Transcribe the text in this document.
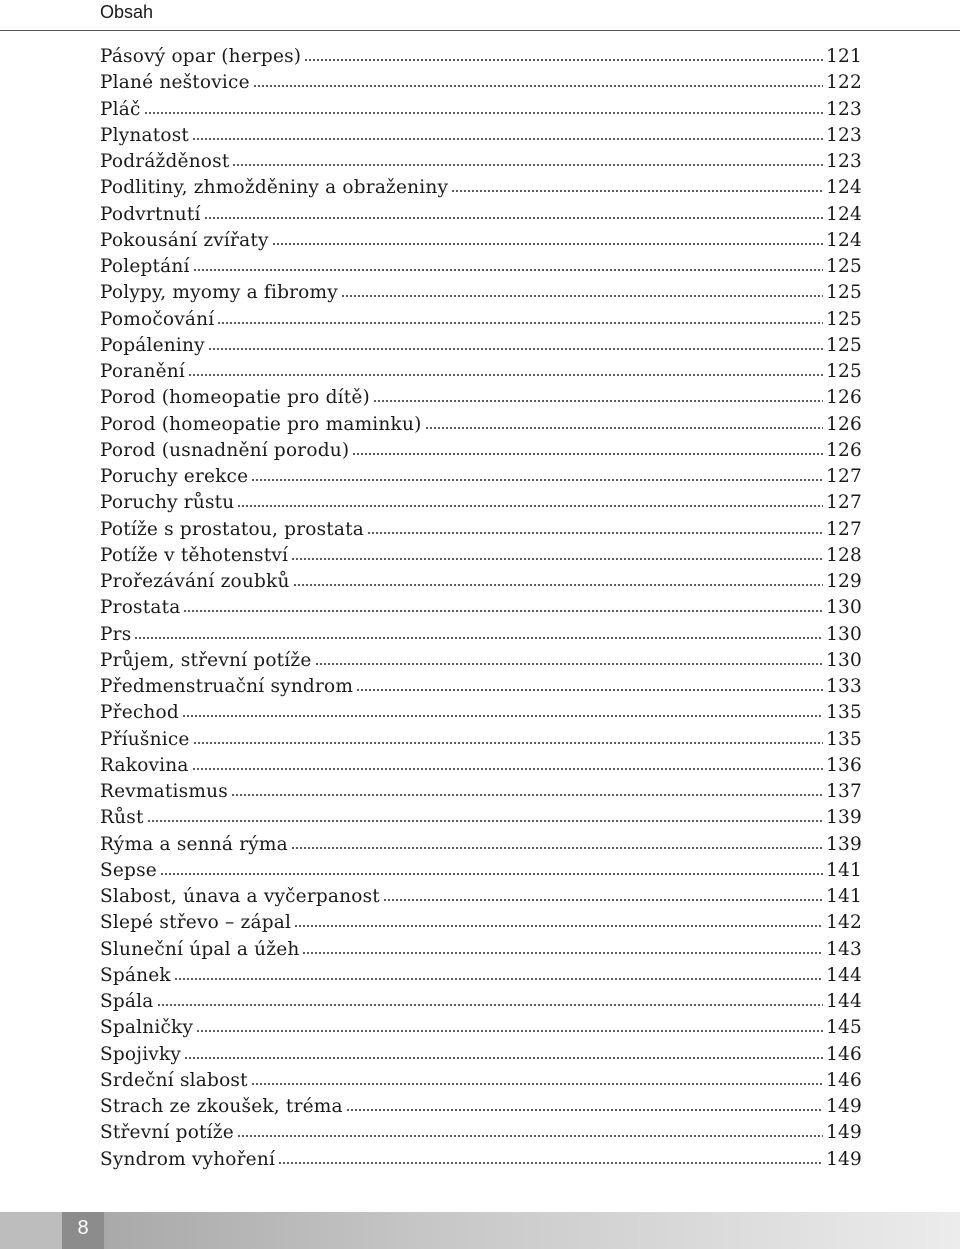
Obsah
Pásový opar (herpes)	121
Plané neštovice	122
Pláč	123
Plynatost	123
Podrážděnost	123
Podlitiny, zhmožděniny a obraženiny	124
Podvrtnutí	124
Pokousání zvířaty	124
Poleptání	125
Polypy, myomy a fibromy	125
Pomočování	125
Popáleniny	125
Poranění	125
Porod (homeopatie pro dítě)	126
Porod (homeopatie pro maminku)	126
Porod (usnadnění porodu)	126
Poruchy erekce	127
Poruchy růstu	127
Potíže s prostatou, prostata	127
Potíže v těhotenství	128
Prořezávání zoubků	129
Prostata	130
Prs	130
Průjem, střevní potíže	130
Předmenstruační syndrom	133
Přechod	135
Příušnice	135
Rakovina	136
Revmatismus	137
Růst	139
Rýma a senná rýma	139
Sepse	141
Slabost, únava a vyčerpanost	141
Slepé střevo – zápal	142
Sluneční úpal a úžeh	143
Spánek	144
Spála	144
Spalničky	145
Spojivky	146
Srdeční slabost	146
Strach ze zkoušek, tréma	149
Střevní potíže	149
Syndrom vyhoření	149
8
